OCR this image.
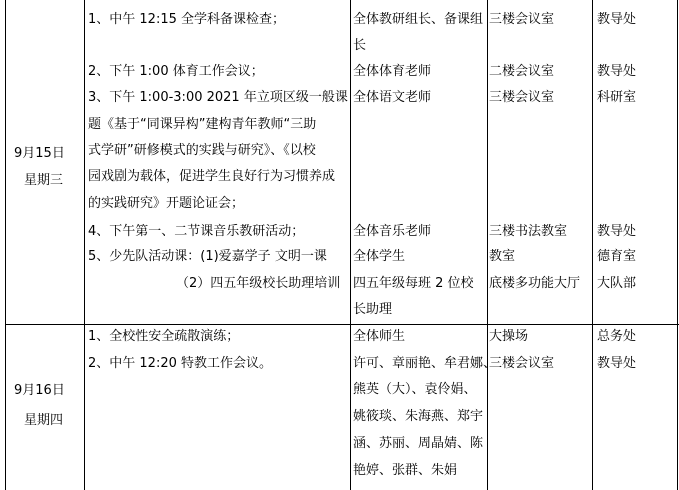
9月15日
星期三
1、中午 12:15 全学科备课检查；
2、下午 1:00 体育工作会议；
3、下午 1:00-3:00 2021 年立项区级一般课
题《基于“同课异构”建构青年教师“三助
式学研”研修模式的实践与研究》、《以校
园戏剧为载体，促进学生良好行为习惯养成
的实践研究》开题论证会；
4、下午第一、二节课音乐教研活动；
5、少先队活动课：(1)爱嘉学子 文明一课
（2）四五年级校长助理培训
全体教研组长、备课组
长
全体体育老师
全体语文老师
全体音乐老师
全体学生
四五年级每班 2 位校
长助理
三楼会议室
二楼会议室
三楼会议室
三楼书法教室
教室
底楼多功能大厅
教导处
教导处
科研室
教导处
德育室
大队部
9月16日
星期四
1、全校性安全疏散演练；
2、中午 12:20 特教工作会议。
全体师生
许可、章丽艳、牟君娜、
熊英（大）、袁伶娟、
姚筱琰、朱海燕、郑宇
涵、苏丽、周晶婧、陈
艳婷、张群、朱娟
大操场
三楼会议室
总务处
教导处
